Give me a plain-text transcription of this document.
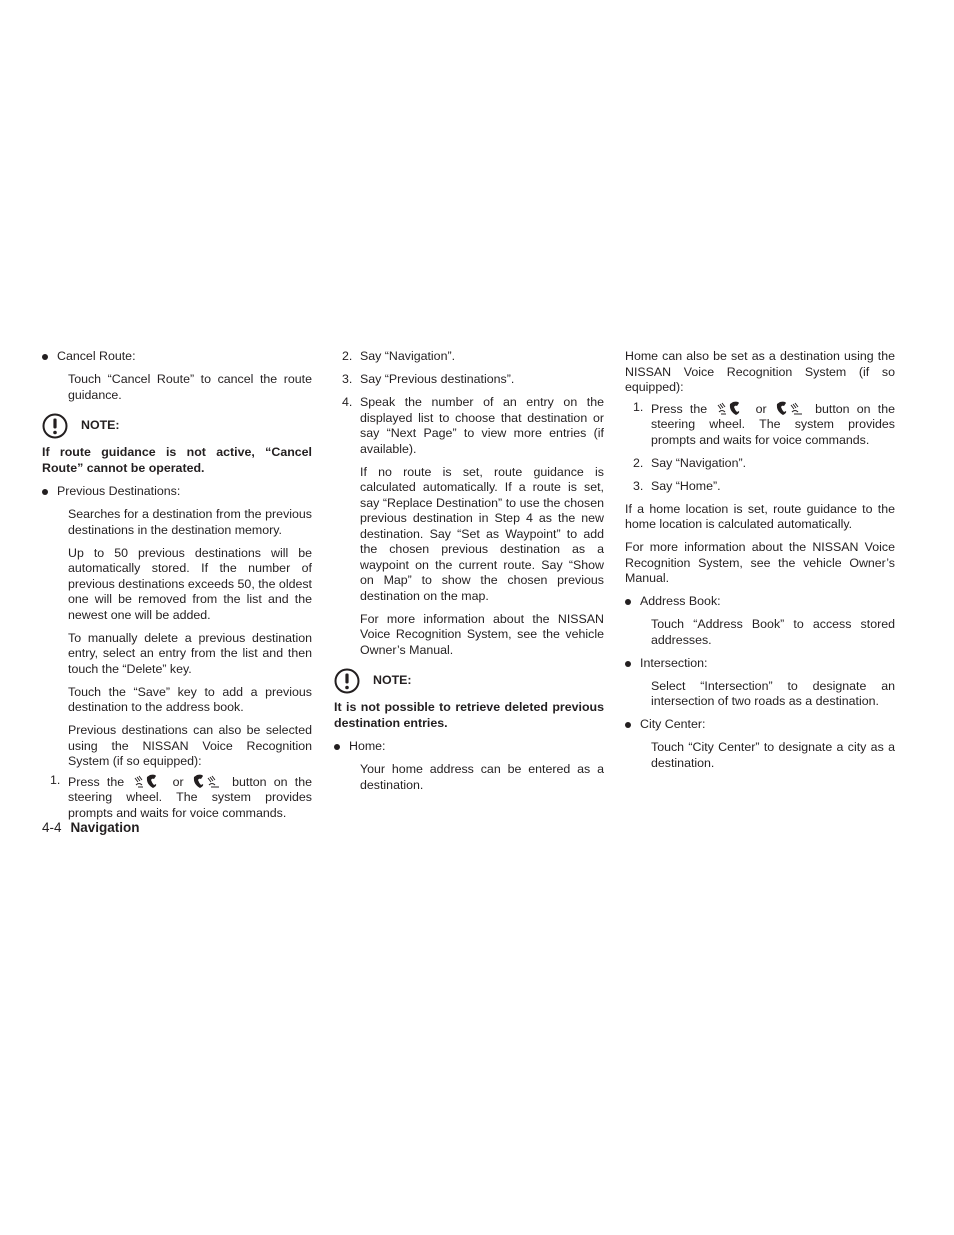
Cancel Route:

Touch “Cancel Route” to cancel the route guidance.

NOTE:
If route guidance is not active, “Cancel Route” cannot be operated.
Previous Destinations:

Searches for a destination from the previous destinations in the destination memory.

Up to 50 previous destinations will be automatically stored. If the number of previous destinations exceeds 50, the oldest one will be removed from the list and the newest one will be added.

To manually delete a previous destination entry, select an entry from the list and then touch the “Delete” key.

Touch the “Save” key to add a previous destination to the address book.

Previous destinations can also be selected using the NISSAN Voice Recognition System (if so equipped):

1. Press the	or	button on the steering wheel. The system provides prompts and waits for voice commands.
2. Say “Navigation”.
3. Say “Previous destinations”.
4. Speak the number of an entry on the displayed list to choose that destination or say “Next Page” to view more entries (if available).

If no route is set, route guidance is calculated automatically. If a route is set, say “Replace Destination” to use the chosen previous destination in Step 4 as the new destination. Say “Set as Waypoint” to add the chosen previous destination as a waypoint on the current route. Say “Show on Map” to show the chosen previous destination on the map.

For more information about the NISSAN Voice Recognition System, see the vehicle Owner’s Manual.

NOTE:
It is not possible to retrieve deleted previous destination entries.
Home:

Your home address can be entered as a destination.

Home can also be set as a destination using the NISSAN Voice Recognition System (if so equipped):

1. Press the	or	button on the steering wheel. The system provides prompts and waits for voice commands.
2. Say “Navigation”.
3. Say “Home”.

If a home location is set, route guidance to the home location is calculated automatically.

For more information about the NISSAN Voice Recognition System, see the vehicle Owner’s Manual.

Address Book:

Touch “Address Book” to access stored addresses.

Intersection:

Select “Intersection” to designate an intersection of two roads as a destination.

City Center:

Touch “City Center” to designate a city as a destination.

4-4 Navigation
